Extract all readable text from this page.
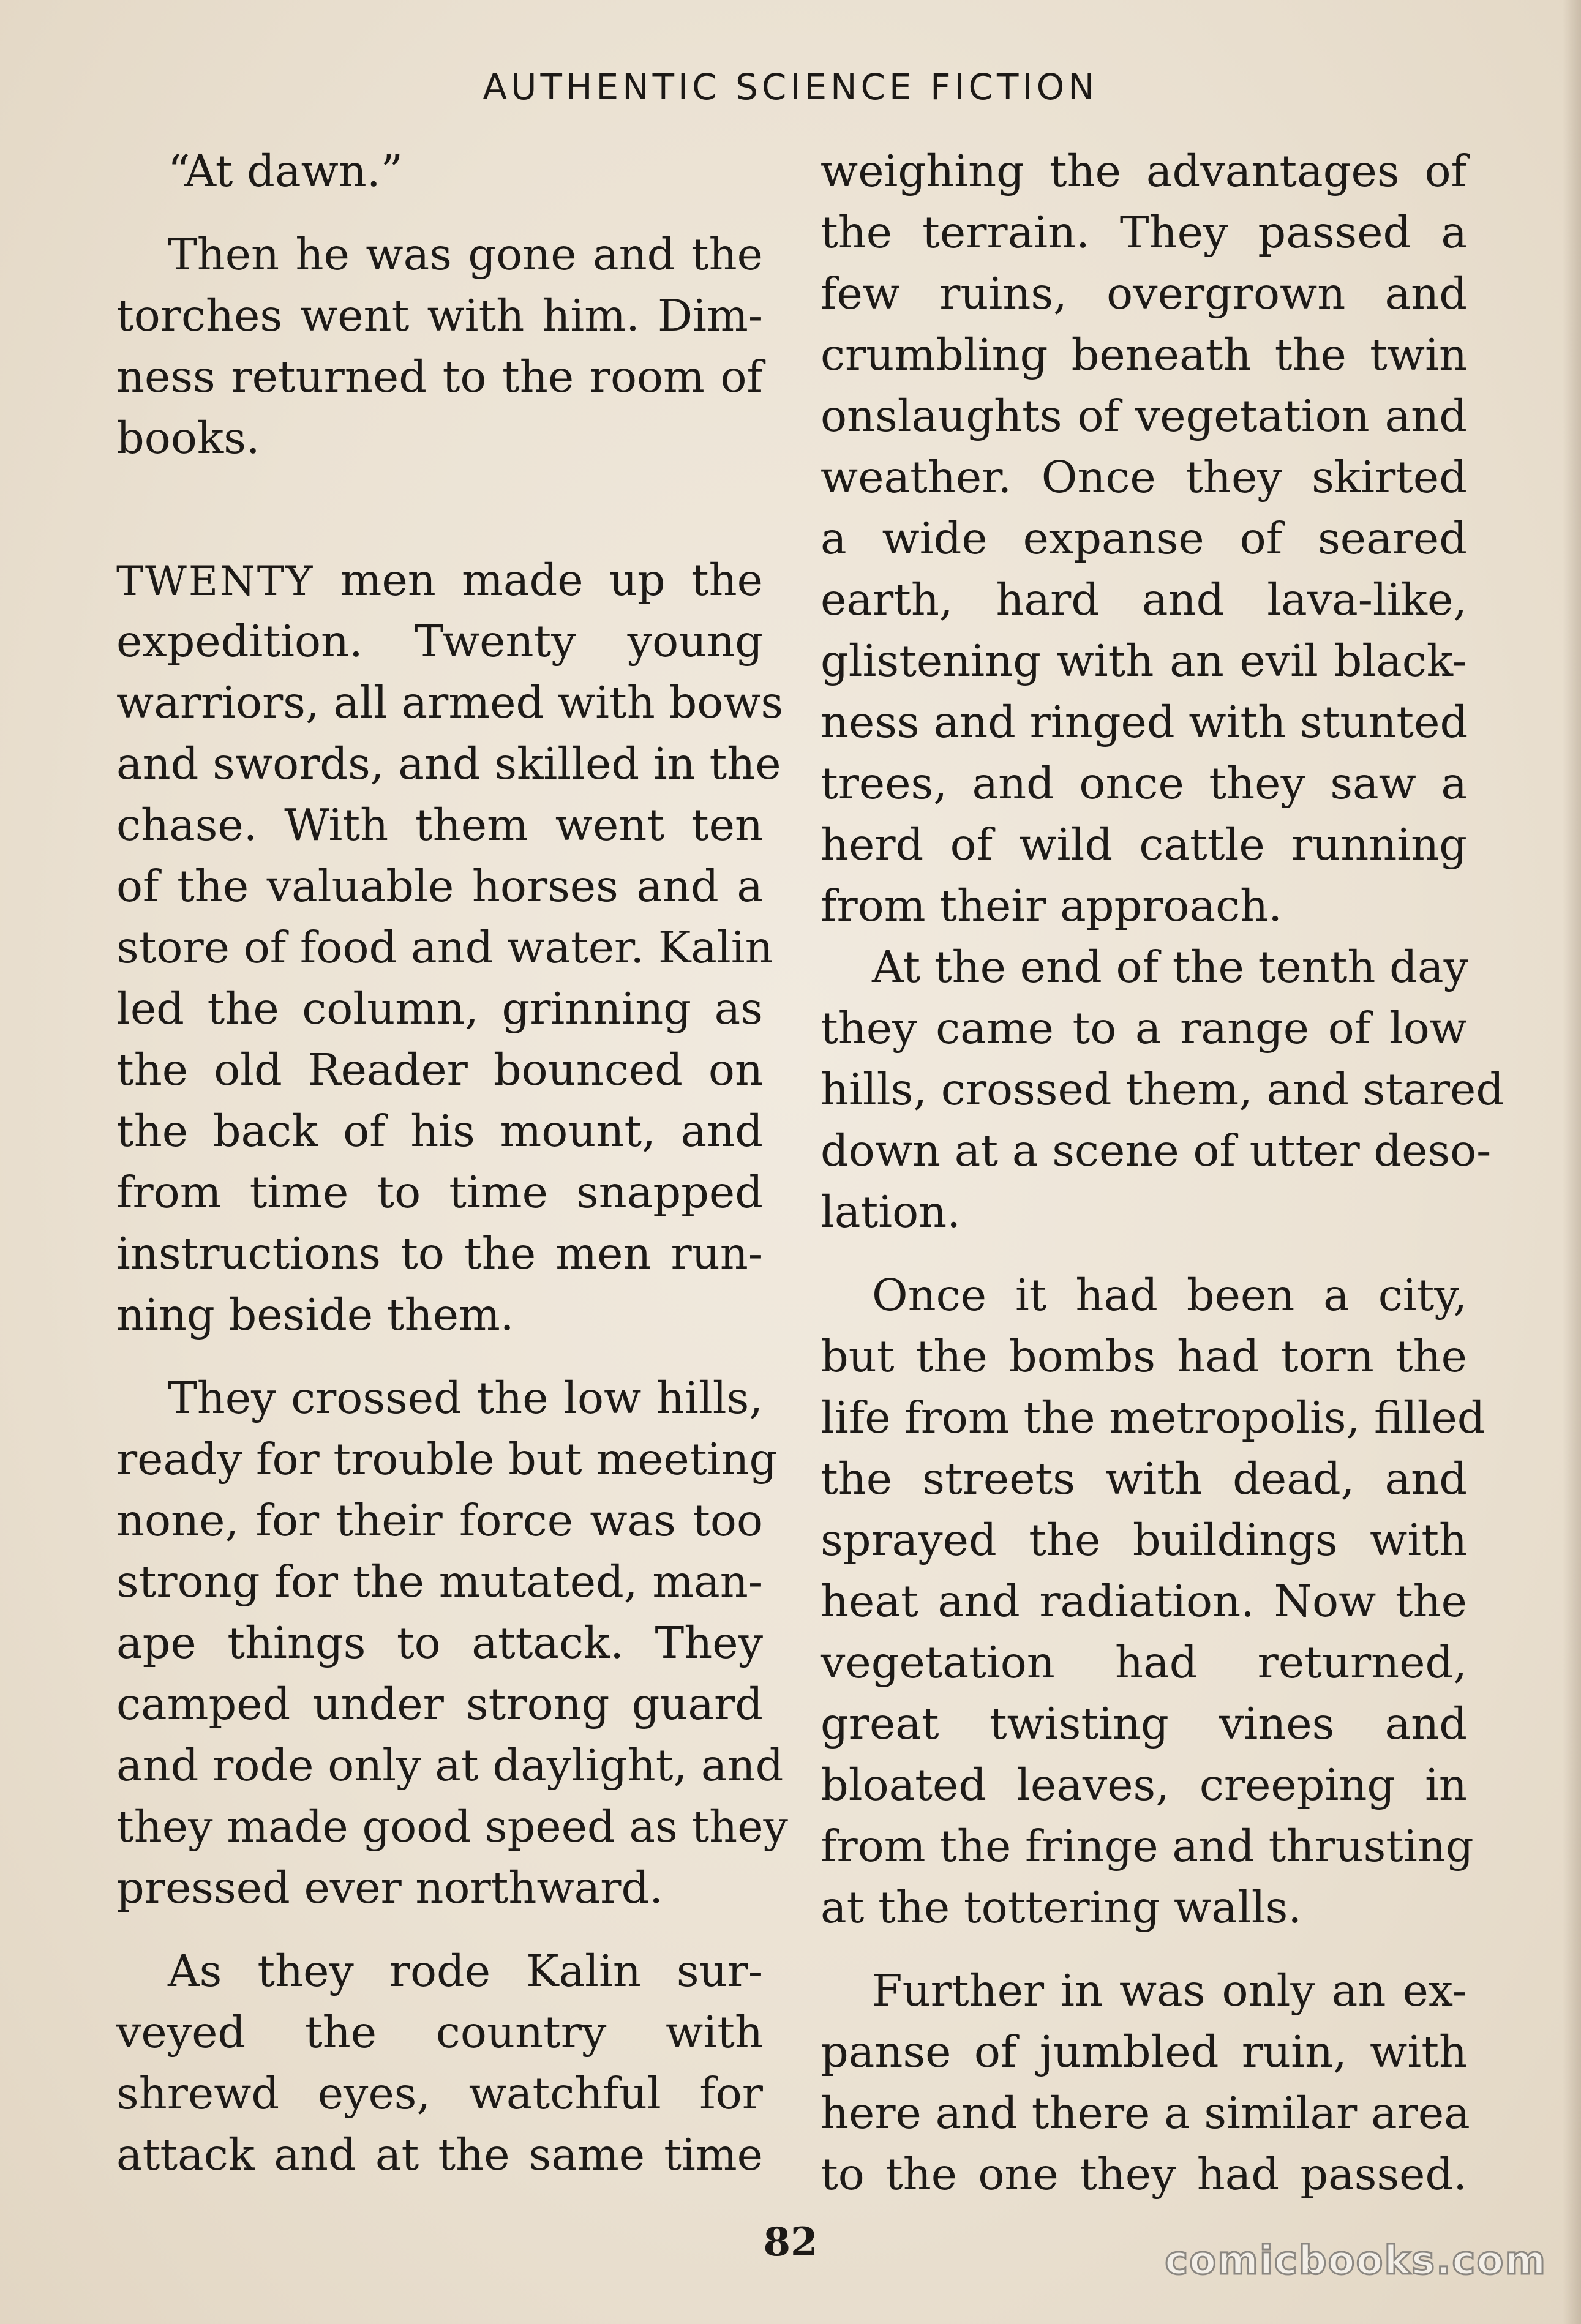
AUTHENTIC SCIENCE FICTION
“At dawn.”
Then he was gone and the
torches went with him. Dim-
ness returned to the room of
books.
TWENTY men made up the
expedition. Twenty young
warriors, all armed with bows
and swords, and skilled in the
chase. With them went ten
of the valuable horses and a
store of food and water. Kalin
led the column, grinning as
the old Reader bounced on
the back of his mount, and
from time to time snapped
instructions to the men run-
ning beside them.
They crossed the low hills,
ready for trouble but meeting
none, for their force was too
strong for the mutated, man-
ape things to attack. They
camped under strong guard
and rode only at daylight, and
they made good speed as they
pressed ever northward.
As they rode Kalin sur-
veyed the country with
shrewd eyes, watchful for
attack and at the same time
weighing the advantages of
the terrain. They passed a
few ruins, overgrown and
crumbling beneath the twin
onslaughts of vegetation and
weather. Once they skirted
a wide expanse of seared
earth, hard and lava-like,
glistening with an evil black-
ness and ringed with stunted
trees, and once they saw a
herd of wild cattle running
from their approach.
At the end of the tenth day
they came to a range of low
hills, crossed them, and stared
down at a scene of utter deso-
lation.
Once it had been a city,
but the bombs had torn the
life from the metropolis, filled
the streets with dead, and
sprayed the buildings with
heat and radiation. Now the
vegetation had returned,
great twisting vines and
bloated leaves, creeping in
from the fringe and thrusting
at the tottering walls.
Further in was only an ex-
panse of jumbled ruin, with
here and there a similar area
to the one they had passed.
82	comicbooks.com
